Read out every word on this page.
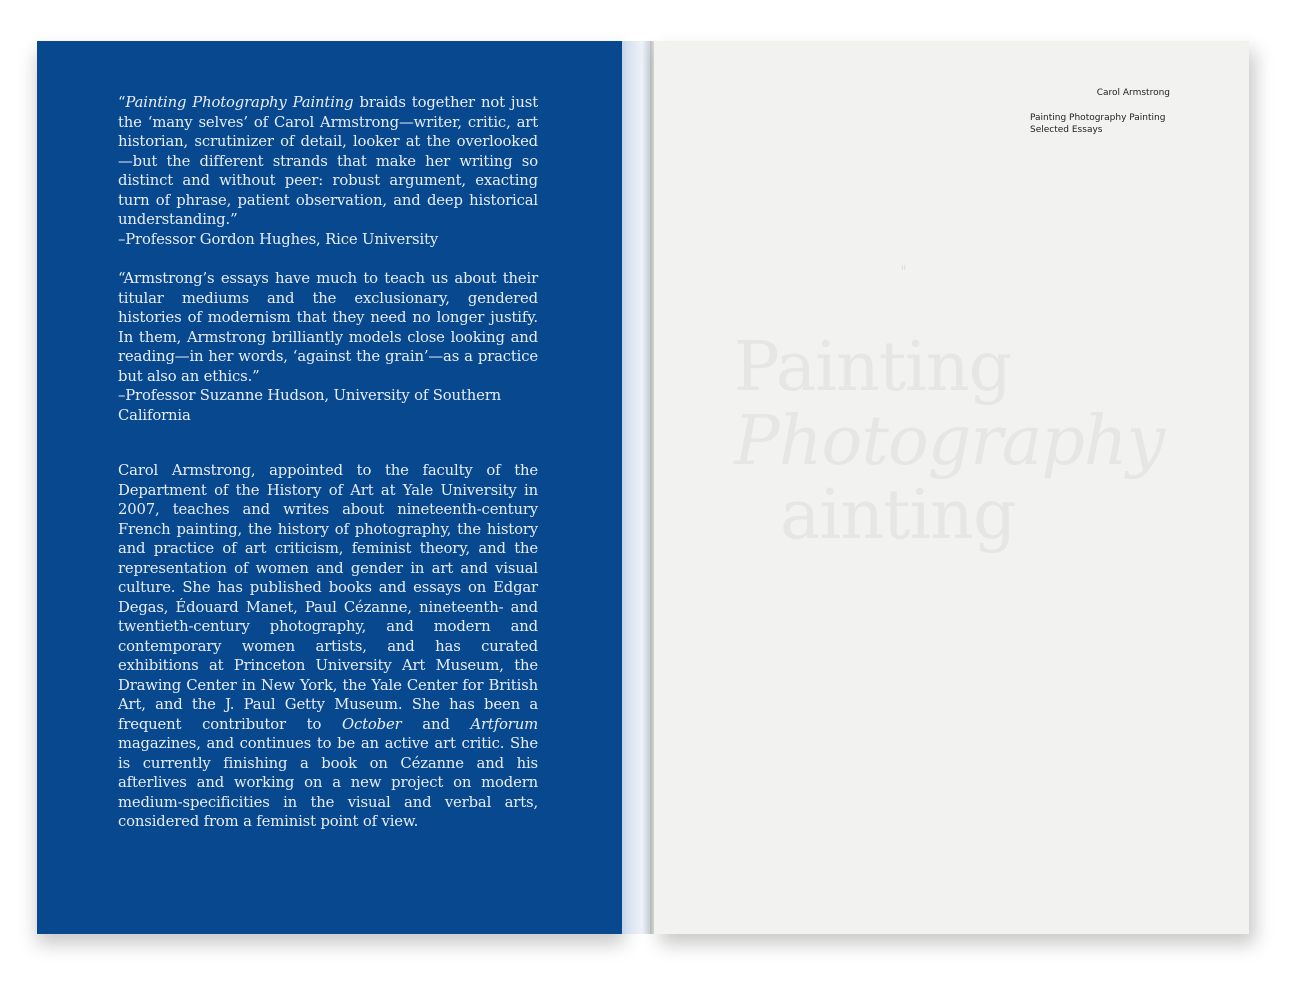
“Painting Photography Painting braids together not just the ‘many selves’ of Carol Armstrong—writer, critic, art historian, scrutinizer of detail, looker at the overlooked—but the different strands that make her writing so distinct and without peer: robust argument, exacting turn of phrase, patient observation, and deep historical understanding.”

–Professor Gordon Hughes, Rice University

“Armstrong’s essays have much to teach us about their titular mediums and the exclusionary, gendered histories of modernism that they need no longer justify. In them, Armstrong brilliantly models close looking and reading—in her words, ‘against the grain’—as a practice but also an ethics.”

–Professor Suzanne Hudson, University of Southern California

Carol Armstrong, appointed to the faculty of the Department of the History of Art at Yale University in 2007, teaches and writes about nineteenth-century French painting, the history of photography, the history and practice of art criticism, feminist theory, and the representation of women and gender in art and visual culture. She has published books and essays on Edgar Degas, Édouard Manet, Paul Cézanne, nineteenth- and twentieth-century photography, and modern and contemporary women artists, and has curated exhibitions at Princeton University Art Museum, the Drawing Center in New York, the Yale Center for British Art, and the J. Paul Getty Museum. She has been a frequent contributor to October and Artforum magazines, and continues to be an active art critic. She is currently finishing a book on Cézanne and his afterlives and working on a new project on modern medium-specificities in the visual and verbal arts, considered from a feminist point of view.

Carol Armstrong
Painting Photography Painting
Selected Essays
ıı
Painting
Photography
ainting
